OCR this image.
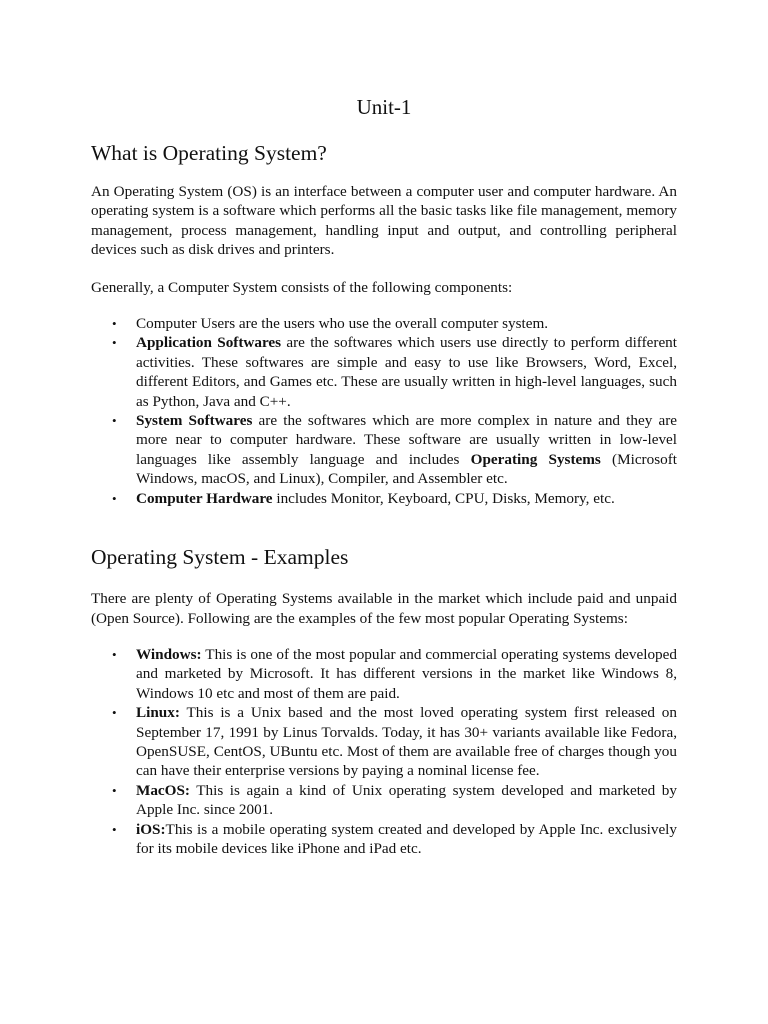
Unit-1
What is Operating System?

An Operating System (OS) is an interface between a computer user and computer hardware. An operating system is a software which performs all the basic tasks like file management, memory management, process management, handling input and output, and controlling peripheral devices such as disk drives and printers.

Generally, a Computer System consists of the following components:

• Computer Users are the users who use the overall computer system.
• Application Softwares are the softwares which users use directly to perform different activities. These softwares are simple and easy to use like Browsers, Word, Excel, different Editors, and Games etc. These are usually written in high-level languages, such as Python, Java and C++.
• System Softwares are the softwares which are more complex in nature and they are more near to computer hardware. These software are usually written in low-level languages like assembly language and includes Operating Systems (Microsoft Windows, macOS, and Linux), Compiler, and Assembler etc.
• Computer Hardware includes Monitor, Keyboard, CPU, Disks, Memory, etc.
Operating System - Examples

There are plenty of Operating Systems available in the market which include paid and unpaid (Open Source). Following are the examples of the few most popular Operating Systems:

• Windows: This is one of the most popular and commercial operating systems developed and marketed by Microsoft. It has different versions in the market like Windows 8, Windows 10 etc and most of them are paid.
• Linux: This is a Unix based and the most loved operating system first released on September 17, 1991 by Linus Torvalds. Today, it has 30+ variants available like Fedora, OpenSUSE, CentOS, UBuntu etc. Most of them are available free of charges though you can have their enterprise versions by paying a nominal license fee.
• MacOS: This is again a kind of Unix operating system developed and marketed by Apple Inc. since 2001.
• iOS:This is a mobile operating system created and developed by Apple Inc. exclusively for its mobile devices like iPhone and iPad etc.
